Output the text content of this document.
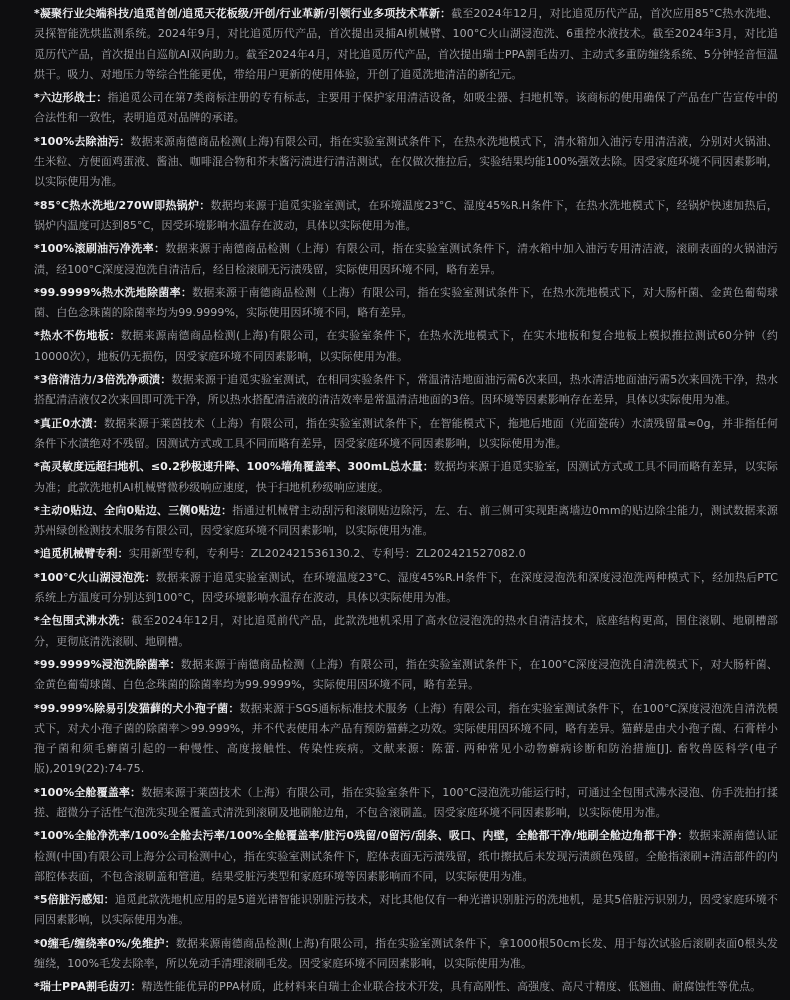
*凝聚行业尖端科技/追觅首创/追觅天花板级/开创/行业革新/引领行业多项技术革新：截至2024年12月，对比追觅历代产品，首次应用85°C热水洗地、灵探智能洗烘监测系统。2024年9月，对比追觅历代产品，首次提出灵捕AI机械臂、100°C火山湖浸泡洗、6重控水液技术。截至2024年3月，对比追觅历代产品，首次提出自巡航AI双向助力。截至2024年4月，对比追觅历代产品，首次提出瑞士PPA割毛齿刃、主动式多重防缠绕系统、5分钟轻音恒温烘干。吸力、对地压力等综合性能更优，带给用户更新的使用体验，开创了追觅洗地清洁的新纪元。

*六边形战士：指追觅公司在第7类商标注册的专有标志，主要用于保护家用清洁设备，如吸尘器、扫地机等。该商标的使用确保了产品在广告宣传中的合法性和一致性，表明追觅对品牌的承诺。

*100%去除油污：数据来源南德商品检测(上海)有限公司，指在实验室测试条件下，在热水洗地模式下，清水箱加入油污专用清洁液，分别对火锅油、生米粒、方便面鸡蛋液、酱油、咖啡混合物和芥末酱污渍进行清洁测试，在仅做次推拉后，实验结果均能100%强效去除。因受家庭环境不同因素影响，以实际使用为准。

*85°C热水洗地/270W即热锅炉：数据均来源于追觅实验室测试，在环境温度23°C、湿度45%R.H条件下，在热水洗地模式下，经锅炉快速加热后，锅炉内温度可达到85°C，因受环境影响水温存在波动，具体以实际使用为准。

*100%滚刷油污净洗率：数据来源于南德商品检测（上海）有限公司，指在实验室测试条件下，清水箱中加入油污专用清洁液，滚刷表面的火锅油污渍，经100°C深度浸泡洗自清洁后，经目检滚刷无污渍残留，实际使用因环境不同，略有差异。

*99.9999%热水洗地除菌率：数据来源于南德商品检测（上海）有限公司，指在实验室测试条件下，在热水洗地模式下，对大肠杆菌、金黄色葡萄球菌、白色念珠菌的除菌率均为99.9999%，实际使用因环境不同，略有差异。

*热水不伤地板：数据来源南德商品检测(上海)有限公司，在实验室条件下，在热水洗地模式下，在实木地板和复合地板上模拟推拉测试60分钟（约10000次），地板仍无损伤，因受家庭环境不同因素影响，以实际使用为准。

*3倍清洁力/3倍洗净顽渍：数据来源于追觅实验室测试，在相同实验条件下，常温清洁地面油污需6次来回，热水清洁地面油污需5次来回洗干净，热水搭配清洁液仅2次来回即可洗干净，所以热水搭配清洁液的清洁效率是常温清洁地面的3倍。因环境等因素影响存在差异，具体以实际使用为准。

*真正0水渍：数据来源于莱茵技术（上海）有限公司，指在实验室测试条件下，在智能模式下，拖地后地面（光面瓷砖）水渍残留量≈0g，并非指任何条件下水渍绝对不残留。因测试方式或工具不同而略有差异，因受家庭环境不同因素影响，以实际使用为准。

*高灵敏度远超扫地机、≤0.2秒极速升降、100%墙角覆盖率、300mL总水量：数据均来源于追觅实验室，因测试方式或工具不同而略有差异，以实际为准；此款洗地机AI机械臂微秒级响应速度，快于扫地机秒级响应速度。

*主动0贴边、全向0贴边、三侧0贴边：指通过机械臂主动刮污和滚刷贴边除污，左、右、前三侧可实现距离墙边0mm的贴边除尘能力，测试数据来源苏州绿创检测技术服务有限公司，因受家庭环境不同因素影响，以实际使用为准。

*追觅机械臂专利：实用新型专利，专利号：ZL202421536130.2、专利号：ZL202421527082.0

*100°C火山湖浸泡洗：数据来源于追觅实验室测试，在环境温度23°C、湿度45%R.H条件下，在深度浸泡洗和深度浸泡洗两种模式下，经加热后PTC系统上方温度可分别达到100°C，因受环境影响水温存在波动，具体以实际使用为准。

*全包围式沸水洗：截至2024年12月，对比追觅前代产品，此款洗地机采用了高水位浸泡洗的热水自清洁技术，底座结构更高，围住滚刷、地刷槽部分，更彻底清洗滚刷、地刷槽。

*99.9999%浸泡洗除菌率：数据来源于南德商品检测（上海）有限公司，指在实验室测试条件下，在100°C深度浸泡洗自清洗模式下，对大肠杆菌、金黄色葡萄球菌、白色念珠菌的除菌率均为99.9999%，实际使用因环境不同，略有差异。

*99.999%除易引发猫藓的犬小孢子菌：数据来源于SGS通标标准技术服务（上海）有限公司，指在实验室测试条件下，在100°C深度浸泡洗自清洗模式下，对犬小孢子菌的除菌率＞99.999%，并不代表使用本产品有预防猫藓之功效。实际使用因环境不同，略有差异。猫藓是由犬小孢子菌、石膏样小孢子菌和须毛癣菌引起的一种慢性、高度接触性、传染性疾病。文献来源：陈蕾. 两种常见小动物癣病诊断和防治措施[J]. 畜牧兽医科学(电子版),2019(22):74-75.

*100%全舱覆盖率：数据来源于莱茵技术（上海）有限公司，指在实验室条件下，100°C浸泡洗功能运行时，可通过全包围式沸水浸泡、仿手洗拍打揉搓、超微分子活性气泡洗实现全覆盖式清洗到滚刷及地刷舱边角，不包含滚刷盖。因受家庭环境不同因素影响，以实际使用为准。

*100%全舱净洗率/100%全舱去污率/100%全舱覆盖率/脏污0残留/0留污/刮条、吸口、内壁，全舱都干净/地刷全舱边角都干净：数据来源南德认证检测(中国)有限公司上海分公司检测中心，指在实验室测试条件下，腔体表面无污渍残留，纸巾擦拭后未发现污渍颜色残留。全舱指滚刷+清洁部件的内部腔体表面，不包含滚刷盖和管道。结果受脏污类型和家庭环境等因素影响而不同，以实际使用为准。

*5倍脏污感知：追觅此款洗地机应用的是5道光谱智能识别脏污技术，对比其他仅有一种光谱识别脏污的洗地机，是其5倍脏污识别力，因受家庭环境不同因素影响，以实际使用为准。

*0缠毛/缠绕率0%/免维护：数据来源南德商品检测(上海)有限公司，指在实验室测试条件下，拿1000根50cm长发、用于每次试验后滚刷表面0根头发缠绕，100%毛发去除率，所以免动手清理滚刷毛发。因受家庭环境不同因素影响，以实际使用为准。

*瑞士PPA割毛齿刃：精选性能优异的PPA材质，此材料来自瑞士企业联合技术开发，具有高刚性、高强度、高尺寸精度、低翘曲、耐腐蚀性等优点。
